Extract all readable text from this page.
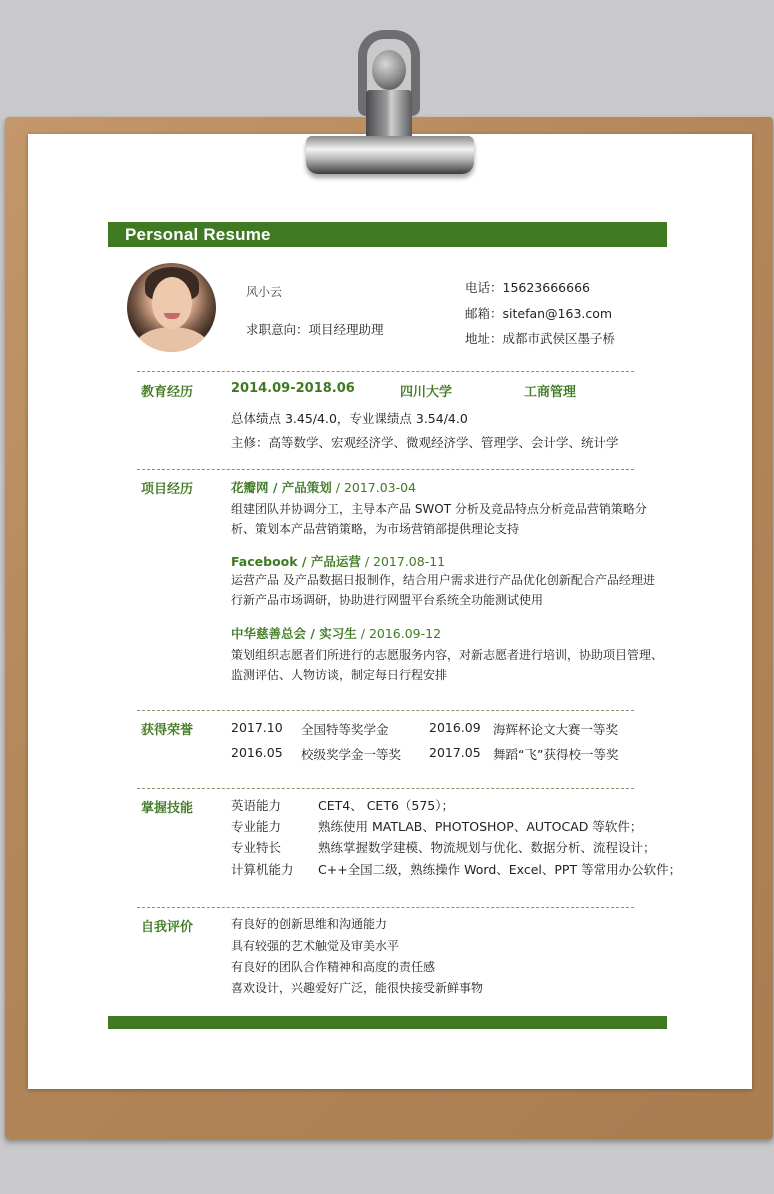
Personal Resume
风小云
求职意向：项目经理助理
电话：15623666666
邮箱：sitefan@163.com
地址：成都市武侯区墨子桥
教育经历	2014.09-2018.06	四川大学	工商管理
总体绩点 3.45/4.0，专业课绩点 3.54/4.0
主修：高等数学、宏观经济学、微观经济学、管理学、会计学、统计学
项目经历	花瓣网 / 产品策划 / 2017.03-04
组建团队并协调分工，主导本产品 SWOT 分析及竞品特点分析竞品营销策略分
析、策划本产品营销策略，为市场营销部提供理论支持
Facebook / 产品运营 / 2017.08-11
运营产品 及产品数据日报制作，结合用户需求进行产品优化创新配合产品经理进
行新产品市场调研，协助进行网盟平台系统全功能测试使用
中华慈善总会 / 实习生 / 2016.09-12
策划组织志愿者们所进行的志愿服务内容，对新志愿者进行培训，协助项目管理、
监测评估、人物访谈，制定每日行程安排
获得荣誉	2017.10 全国特等奖学金	2016.09 海辉杯论文大赛一等奖
2016.05 校级奖学金一等奖 2017.05 舞蹈“飞”获得校一等奖
掌握技能	英语能力	CET4、 CET6（575）；
专业能力	熟练使用 MATLAB、PHOTOSHOP、AUTOCAD 等软件；
专业特长	熟练掌握数学建模、物流规划与优化、数据分析、流程设计；
计算机能力 C++全国二级，熟练操作 Word、Excel、PPT 等常用办公软件；
自我评价	有良好的创新思维和沟通能力
具有较强的艺术触觉及审美水平
有良好的团队合作精神和高度的责任感
喜欢设计，兴趣爱好广泛，能很快接受新鲜事物
